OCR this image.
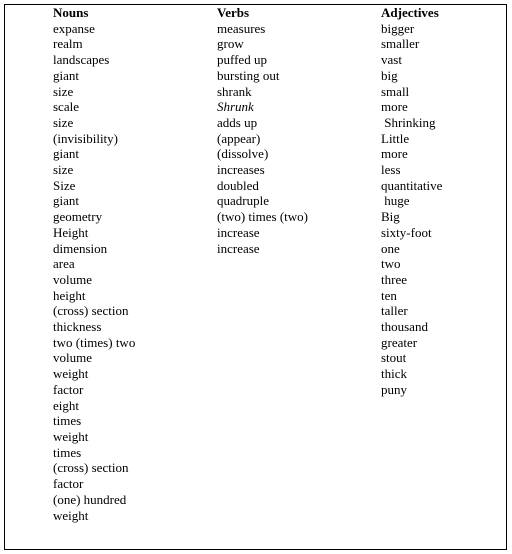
Nouns
expanse
realm
landscapes
giant
size
scale
size
(invisibility)
giant
size
Size
giant
geometry
Height
dimension
area
volume
height
(cross) section
thickness
two (times) two
volume
weight
factor
eight
times
weight
times
(cross) section
factor
(one) hundred
weight
Verbs
measures
grow
puffed up
bursting out
shrank
Shrunk
adds up
(appear)
(dissolve)
increases
doubled
quadruple
(two) times (two)
increase
increase
Adjectives
bigger
smaller
vast
big
small
more
Shrinking
Little
more
less
quantitative
huge
Big
sixty-foot
one
two
three
ten
taller
thousand
greater
stout
thick
puny
